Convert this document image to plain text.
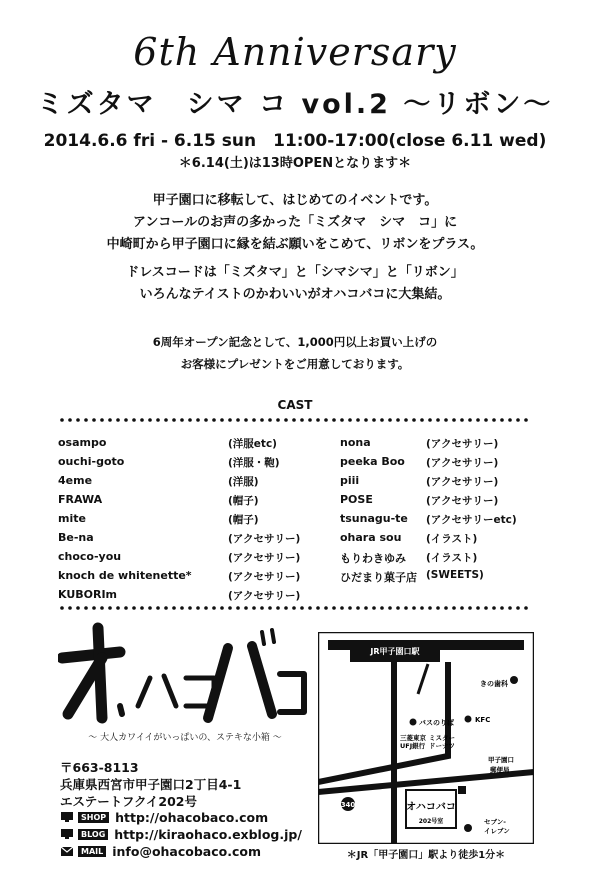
6th Anniversary
ミズタマ　シマ コ vol.2 ～リボン～
2014.6.6 fri - 6.15 sun　11:00-17:00(close 6.11 wed)
＊6.14(土)は13時OPENとなります＊
甲子園口に移転して、はじめてのイベントです。
アンコールのお声の多かった「ミズタマ　シマ　コ」に
中崎町から甲子園口に縁を結ぶ願いをこめて、リボンをプラス。
ドレスコードは「ミズタマ」と「シマシマ」と「リボン」
いろんなテイストのかわいいがオハコバコに大集結。
6周年オープン記念として、1,000円以上お買い上げの
お客様にプレゼントをご用意しております。
CAST
osampo	(洋服etc)
ouchi-goto	(洋服・鞄)
4eme	(洋服)
FRAWA	(帽子)
mite	(帽子)
Be-na	(アクセサリー)
choco-you	(アクセサリー)
knoch de whitenette*	(アクセサリー)
KUBORIm	(アクセサリー)
nona	(アクセサリー)
peeka Boo (アクセサリー)
piii	(アクセサリー)
POSE	(アクセサリー)
tsunagu-te (アクセサリーetc)
ohara sou (イラスト)
もりわきゆみ (イラスト)
ひだまり菓子店 (SWEETS)
～ 大人カワイイがいっぱいの、ステキな小箱 ～
〒663-8113
兵庫県西宮市甲子園口2丁目4-1
エステートフクイ202号
SHOP http://ohacobaco.com
BLOG http://kiraohaco.exblog.jp/
MAIL info@ohacobaco.com
JR甲子園口駅
きの歯科
バスのりば	KFC
三菱東京
UFJ銀行
ミスター
ドーナツ
甲子園口
郵便局
セブン-
イレブン
340	オハコバコ
202号室
＊JR「甲子園口」駅より徒歩1分＊
